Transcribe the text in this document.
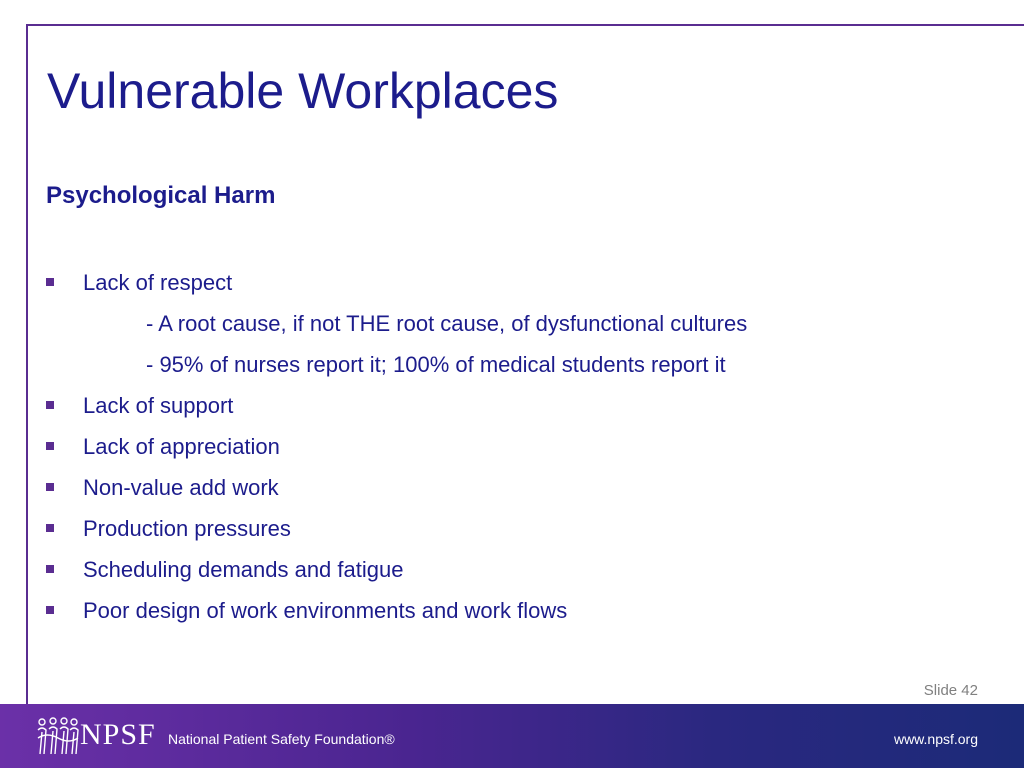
Vulnerable Workplaces
Psychological Harm
Lack of respect
- A root cause, if not THE root cause, of dysfunctional cultures
- 95% of nurses report it; 100% of medical students report it
Lack of support
Lack of appreciation
Non-value add work
Production pressures
Scheduling demands and fatigue
Poor design of work environments and work flows
Slide 42
NPSF National Patient Safety Foundation®	www.npsf.org
